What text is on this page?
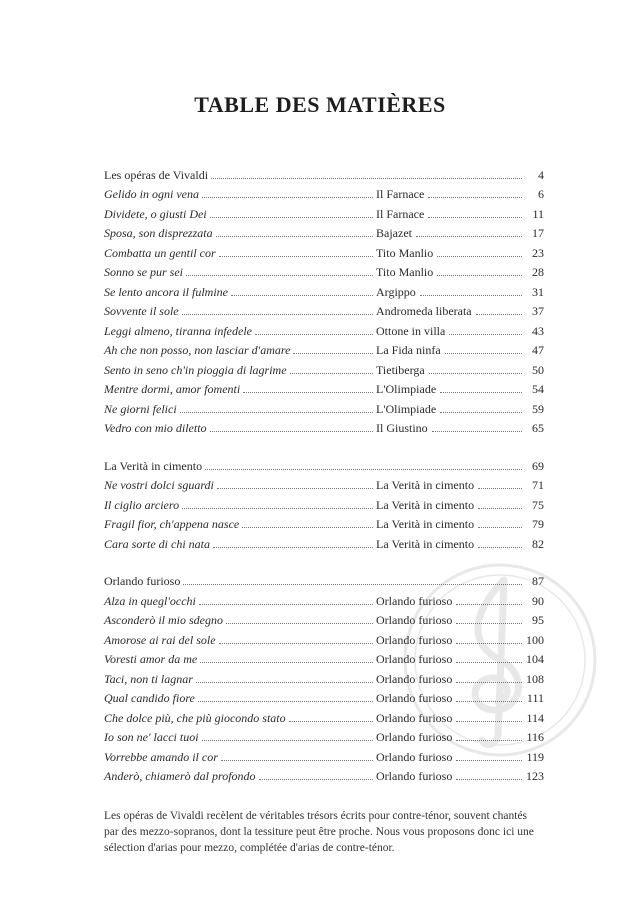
TABLE DES MATIÈRES
Les opéras de Vivaldi	4
Gelido in ogni vena	Il Farnace	6
Dividete, o giusti Dei	Il Farnace	11
Sposa, son disprezzata	Bajazet	17
Combatta un gentil cor	Tito Manlio	23
Sonno se pur sei	Tito Manlio	28
Se lento ancora il fulmine	Argippo	31
Sovvente il sole	Andromeda liberata	37
Leggi almeno, tiranna infedele	Ottone in villa	43
Ah che non posso, non lasciar d'amare	La Fida ninfa	47
Sento in seno ch'in pioggia di lagrime	Tietiberga	50
Mentre dormi, amor fomenti	L'Olimpiade	54
Ne giorni felici	L'Olimpiade	59
Vedro con mio diletto	Il Giustino	65
La Verità in cimento	69
Ne vostri dolci sguardi	La Verità in cimento	71
Il ciglio arciero	La Verità in cimento	75
Fragil fior, ch'appena nasce	La Verità in cimento	79
Cara sorte di chi nata	La Verità in cimento	82
Orlando furioso	87
Alza in quegl'occhi	Orlando furioso	90
Asconderò il mio sdegno	Orlando furioso	95
Amorose ai rai del sole	Orlando furioso	100
Voresti amor da me	Orlando furioso	104
Taci, non ti lagnar	Orlando furioso	108
Qual candido fiore	Orlando furioso	111
Che dolce più, che più giocondo stato	Orlando furioso	114
Io son ne' lacci tuoi	Orlando furioso	116
Vorrebbe amando il cor	Orlando furioso	119
Anderò, chiamerò dal profondo	Orlando furioso	123
Les opéras de Vivaldi recèlent de véritables trésors écrits pour contre-ténor, souvent chantés par des mezzo-sopranos, dont la tessiture peut être proche. Nous vous proposons donc ici une sélection d'arias pour mezzo, complétée d'arias de contre-ténor.
